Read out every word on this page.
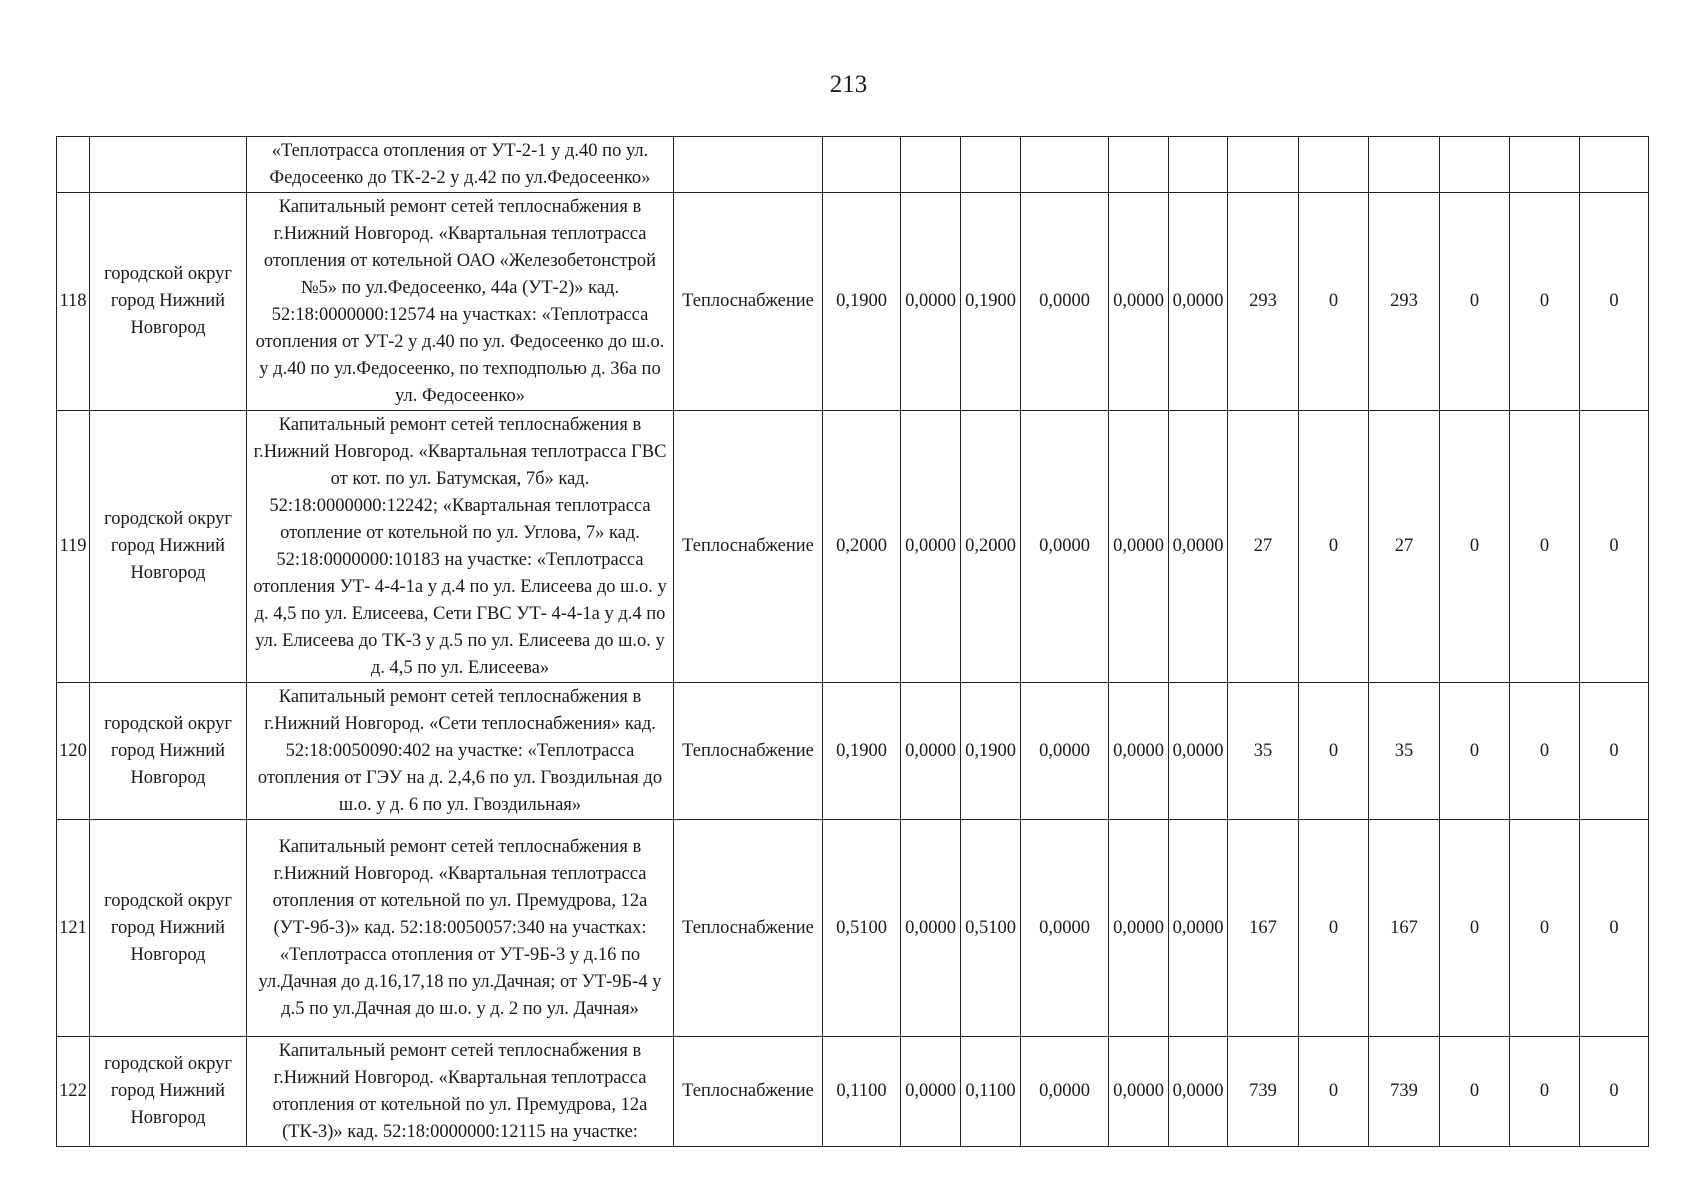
213
		«Теплотрасса отопления от УТ-2-1 у д.40 по ул. Федосеенко до ТК-2-2 у д.42 по ул.Федосеенко»													
118	городской округ город Нижний Новгород	Капитальный ремонт сетей теплоснабжения в г.Нижний Новгород. «Квартальная теплотрасса отопления от котельной ОАО «Железобетонстрой №5» по ул.Федосеенко, 44а (УТ-2)» кад. 52:18:0000000:12574 на участках: «Теплотрасса отопления от УТ-2 у д.40 по ул. Федосеенко до ш.о. у д.40 по ул.Федосеенко, по техподполью д. 36а по ул. Федосеенко»	Теплоснабжение	0,1900	0,0000	0,1900	0,0000	0,0000	0,0000	293	0	293	0	0	0
119	городской округ город Нижний Новгород	Капитальный ремонт сетей теплоснабжения в г.Нижний Новгород. «Квартальная теплотрасса ГВС от кот. по ул. Батумская, 7б» кад. 52:18:0000000:12242; «Квартальная теплотрасса отопление от котельной по ул. Углова, 7» кад. 52:18:0000000:10183 на участке: «Теплотрасса отопления УТ- 4-4-1а у д.4 по ул. Елисеева до ш.о. у д. 4,5 по ул. Елисеева, Сети ГВС УТ- 4-4-1а у д.4 по ул. Елисеева до ТК-3 у д.5 по ул. Елисеева до ш.о. у д. 4,5 по ул. Елисеева»	Теплоснабжение	0,2000	0,0000	0,2000	0,0000	0,0000	0,0000	27	0	27	0	0	0
120	городской округ город Нижний Новгород	Капитальный ремонт сетей теплоснабжения в г.Нижний Новгород. «Сети теплоснабжения» кад. 52:18:0050090:402 на участке: «Теплотрасса отопления от ГЭУ на д. 2,4,6 по ул. Гвоздильная до ш.о. у д. 6 по ул. Гвоздильная»	Теплоснабжение	0,1900	0,0000	0,1900	0,0000	0,0000	0,0000	35	0	35	0	0	0
121	городской округ город Нижний Новгород	Капитальный ремонт сетей теплоснабжения в г.Нижний Новгород. «Квартальная теплотрасса отопления от котельной по ул. Премудрова, 12а (УТ-9б-3)» кад. 52:18:0050057:340 на участках: «Теплотрасса отопления от УТ-9Б-3 у д.16 по ул.Дачная до д.16,17,18 по ул.Дачная; от УТ-9Б-4 у д.5 по ул.Дачная до ш.о. у д. 2 по ул. Дачная»	Теплоснабжение	0,5100	0,0000	0,5100	0,0000	0,0000	0,0000	167	0	167	0	0	0
122	городской округ город Нижний Новгород	Капитальный ремонт сетей теплоснабжения в г.Нижний Новгород. «Квартальная теплотрасса отопления от котельной по ул. Премудрова, 12а (ТК-3)» кад. 52:18:0000000:12115 на участке:	Теплоснабжение	0,1100	0,0000	0,1100	0,0000	0,0000	0,0000	739	0	739	0	0	0
